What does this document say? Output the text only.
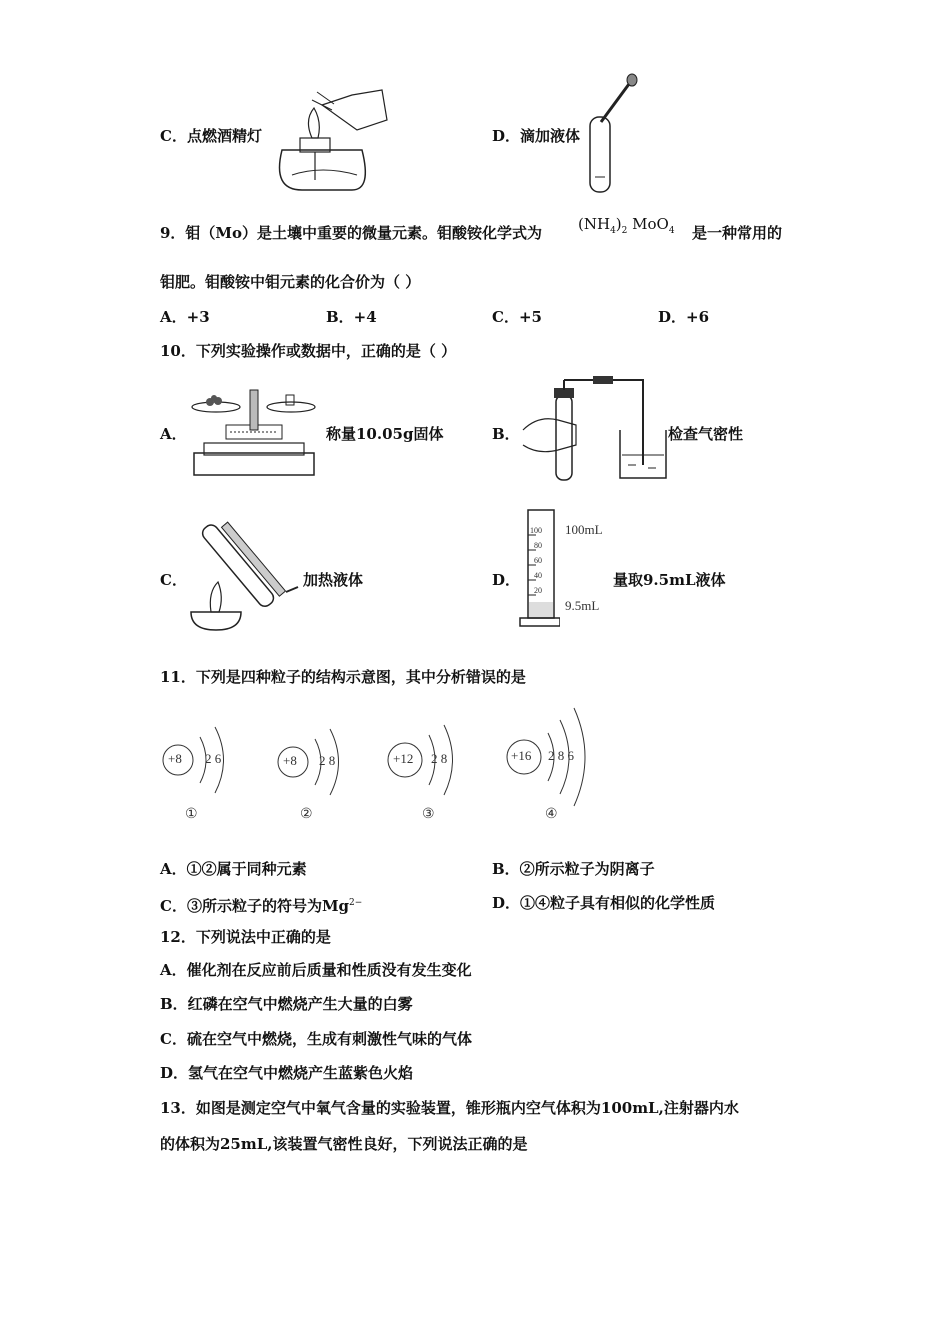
C．点燃酒精灯	D．滴加液体
9．钼（Mo）是土壤中重要的微量元素。钼酸铵化学式为 $(NH_4)_2$ MoO$_4$ 是一种常用的
钼肥。钼酸铵中钼元素的化合价为（ ）
A．+3	B．+4	C．+5	D．+6
10．下列实验操作或数据中，正确的是（ ）
A．	称量10.05g固体	B．	检查气密性
C．	加热液体	D．
100
80
60
40
20
100mL
9.5mL
量取9.5mL液体
11．下列是四种粒子的结构示意图，其中分析错误的是
+8 2 6
①
+8 2 8
②
+12 2 8
③
+16 2 8 6
④
A．①②属于同种元素	B．②所示粒子为阴离子
C．③所示粒子的符号为$Mg^{2-}$	D．①④粒子具有相似的化学性质
12．下列说法中正确的是
A．催化剂在反应前后质量和性质没有发生变化
B．红磷在空气中燃烧产生大量的白雾
C．硫在空气中燃烧，生成有刺激性气味的气体
D．氢气在空气中燃烧产生蓝紫色火焰
13．如图是测定空气中氧气含量的实验装置，锥形瓶内空气体积为100mL,注射器内水
的体积为25mL,该装置气密性良好，下列说法正确的是
